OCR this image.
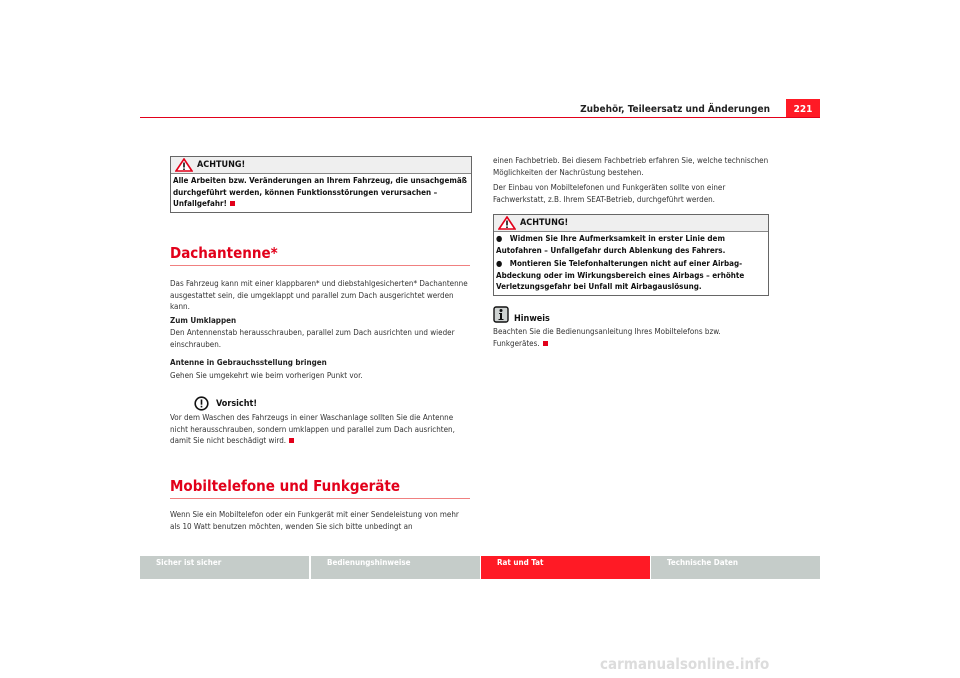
Zubehör, Teileersatz und Änderungen	221
ACHTUNG!
Alle Arbeiten bzw. Veränderungen an Ihrem Fahrzeug, die unsachgemäß durchgeführt werden, können Funktionsstörungen verursachen – Unfallgefahr!
Dachantenne*
Das Fahrzeug kann mit einer klappbaren* und diebstahlgesicherten* Dachantenne ausgestattet sein, die umgeklappt und parallel zum Dach ausgerichtet werden kann.
Zum Umklappen
Den Antennenstab herausschrauben, parallel zum Dach ausrichten und wieder einschrauben.
Antenne in Gebrauchsstellung bringen
Gehen Sie umgekehrt wie beim vorherigen Punkt vor.
Vorsicht!
Vor dem Waschen des Fahrzeugs in einer Waschanlage sollten Sie die Antenne nicht herausschrauben, sondern umklappen und parallel zum Dach ausrichten, damit Sie nicht beschädigt wird.
Mobiltelefone und Funkgeräte
Wenn Sie ein Mobiltelefon oder ein Funkgerät mit einer Sendeleistung von mehr als 10 Watt benutzen möchten, wenden Sie sich bitte unbedingt an
einen Fachbetrieb. Bei diesem Fachbetrieb erfahren Sie, welche technischen Möglichkeiten der Nachrüstung bestehen.
Der Einbau von Mobiltelefonen und Funkgeräten sollte von einer Fachwerkstatt, z.B. Ihrem SEAT-Betrieb, durchgeführt werden.
ACHTUNG!
●   Widmen Sie Ihre Aufmerksamkeit in erster Linie dem Autofahren – Unfallgefahr durch Ablenkung des Fahrers.
●   Montieren Sie Telefonhalterungen nicht auf einer Airbag-Abdeckung oder im Wirkungsbereich eines Airbags – erhöhte Verletzungsgefahr bei Unfall mit Airbagauslösung.
Hinweis
Beachten Sie die Bedienungsanleitung Ihres Mobiltelefons bzw. Funkgerätes.
Sicher ist sicher	Bedienungshinweise	Rat und Tat	Technische Daten
carmanualsonline.info
